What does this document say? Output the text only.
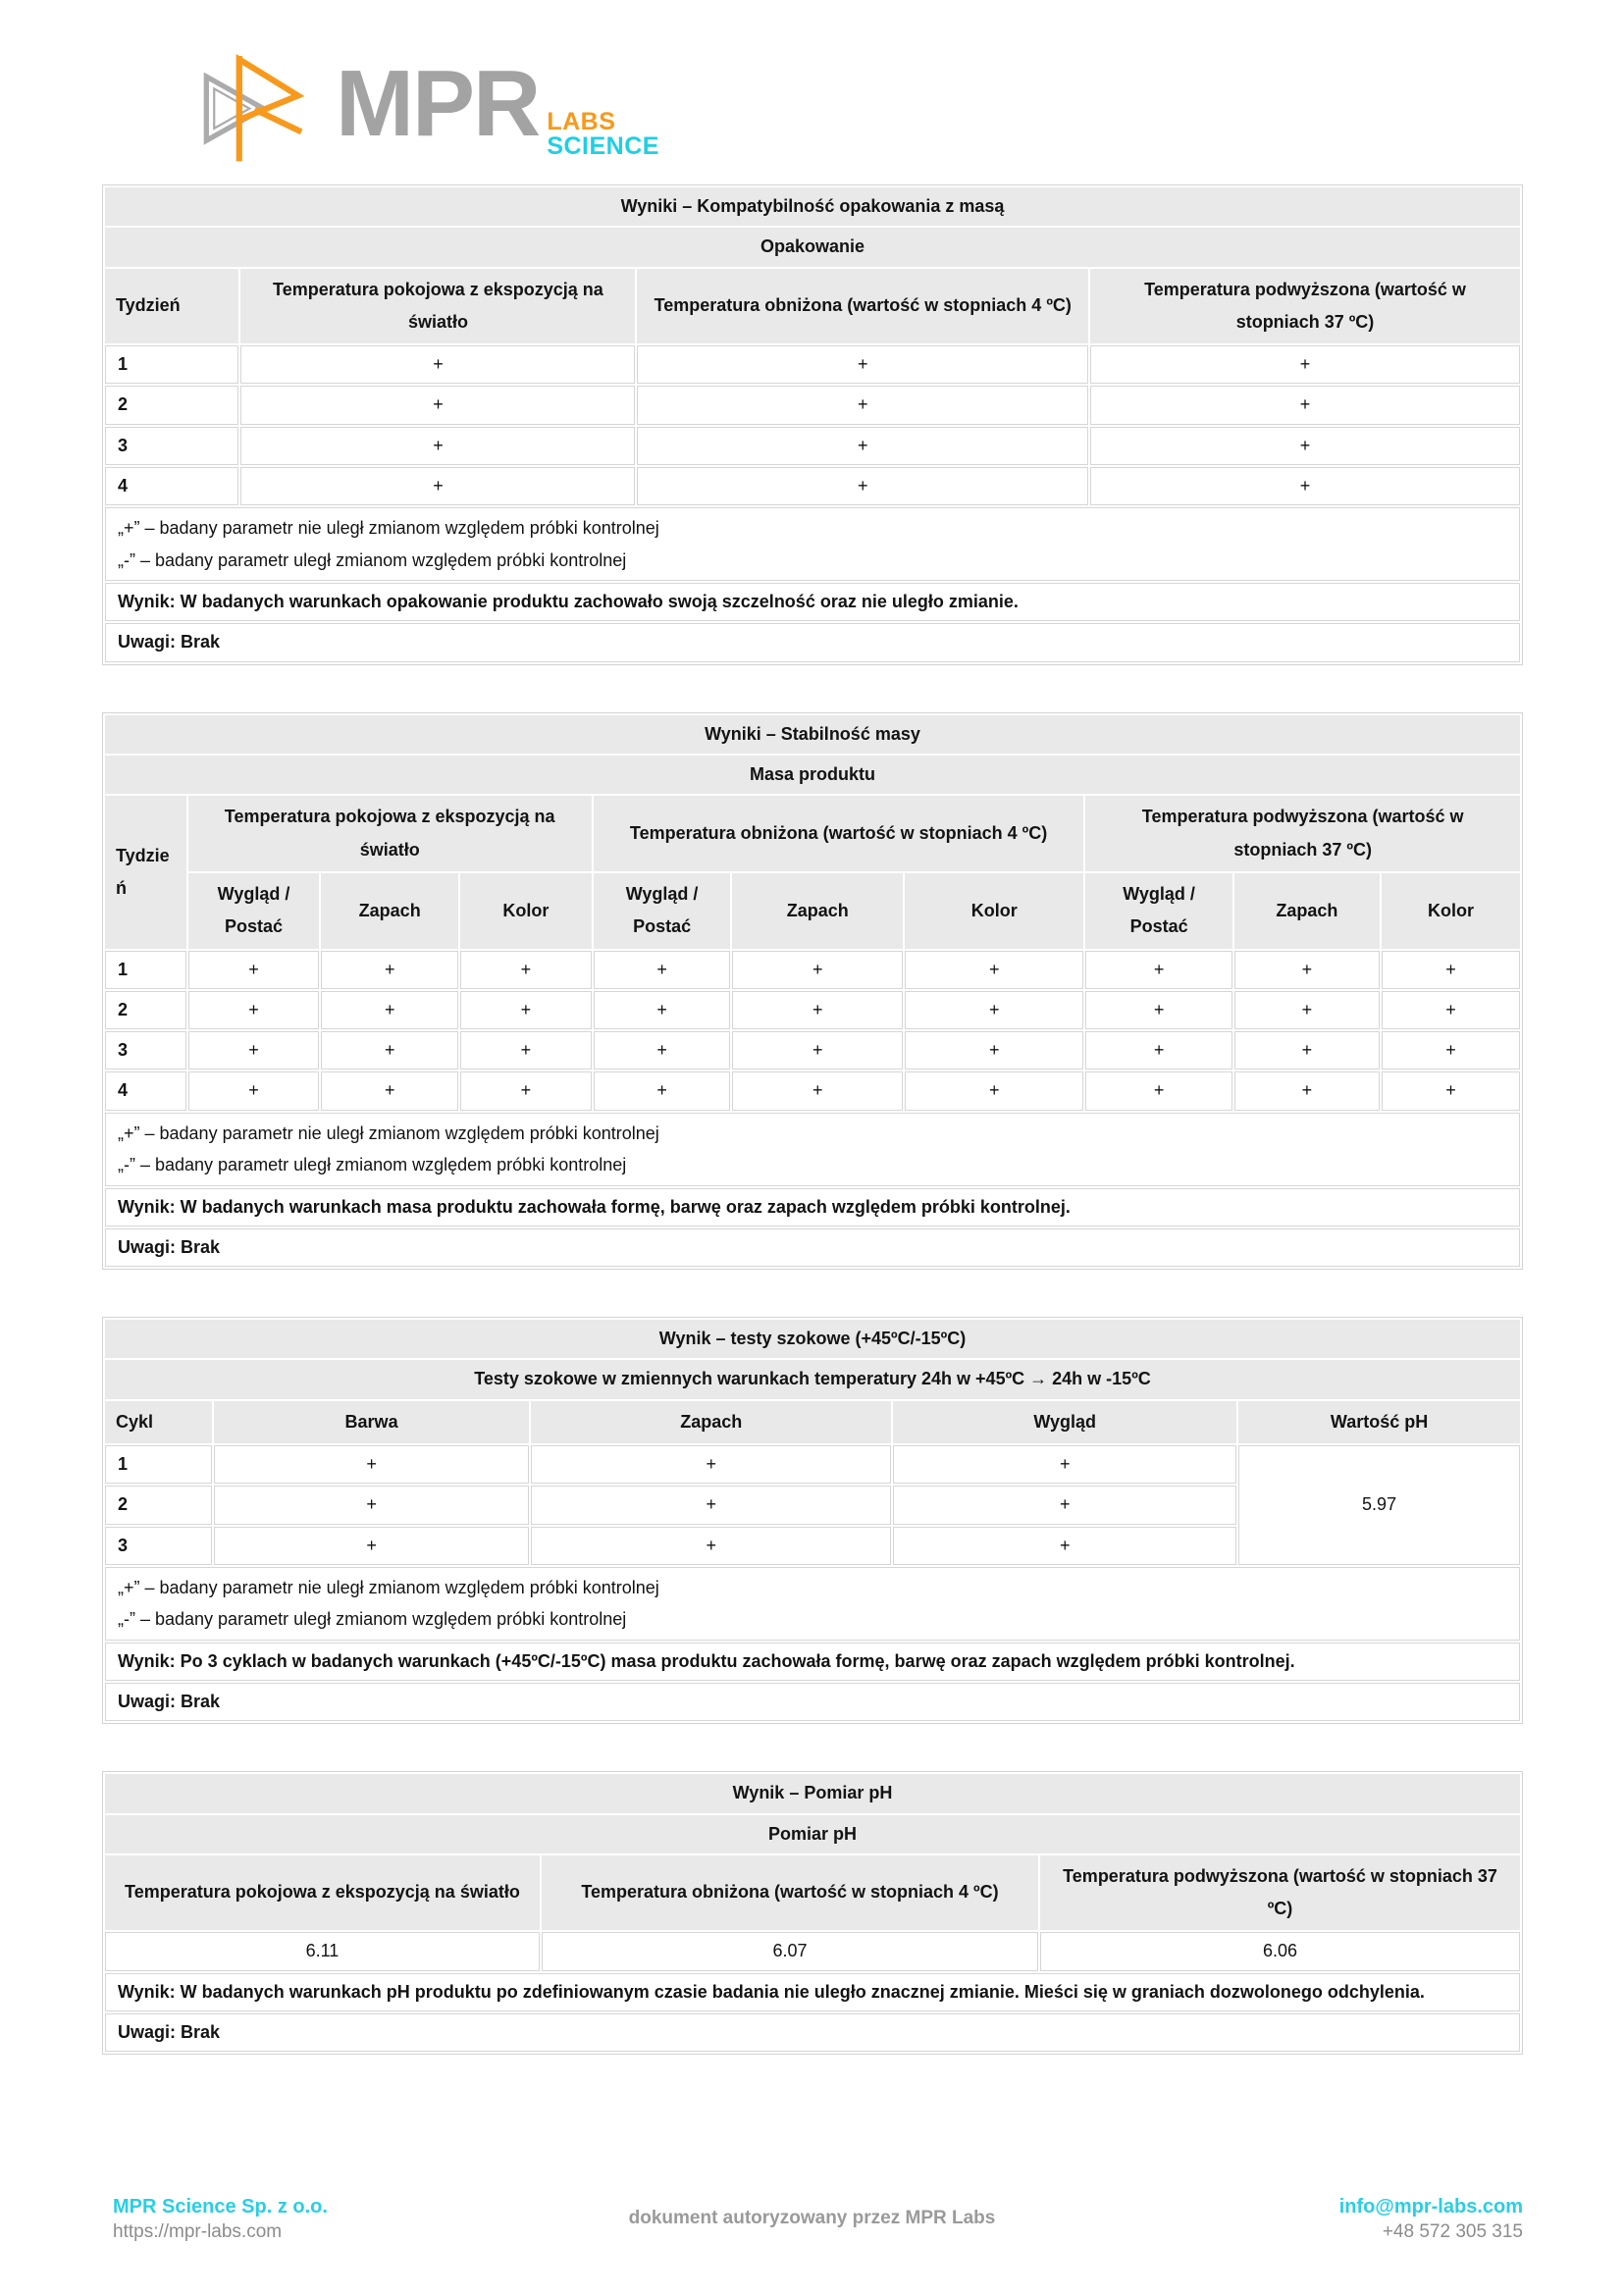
MPR LABS
SCIENCE
Wyniki – Kompatybilność opakowania z masą			
Opakowanie			
Tydzień	Temperatura pokojowa z ekspozycją na światło	Temperatura obniżona (wartość w stopniach 4 ºC)	Temperatura podwyższona (wartość w stopniach 37 ºC)
1	+	+	+
2	+	+	+
3	+	+	+
4	+	+	+

„+” – badany parametr nie uległ zmianom względem próbki kontrolnej
„-” – badany parametr uległ zmianom względem próbki kontrolnej			

Wynik: W badanych warunkach opakowanie produktu zachowało swoją szczelność oraz nie uległo zmianie.			
Uwagi: Brak			
Wyniki – Stabilność masy									
Masa produktu									
Tydzień	Temperatura pokojowa z ekspozycją na światło			Temperatura obniżona (wartość w stopniach 4 ºC)			Temperatura podwyższona (wartość w stopniach 37 ºC)		
	Wygląd / Postać	Zapach	Kolor	Wygląd / Postać	Zapach	Kolor	Wygląd / Postać	Zapach	Kolor
1	+	+	+	+	+	+	+	+	+
2	+	+	+	+	+	+	+	+	+
3	+	+	+	+	+	+	+	+	+
4	+	+	+	+	+	+	+	+	+

„+” – badany parametr nie uległ zmianom względem próbki kontrolnej
„-” – badany parametr uległ zmianom względem próbki kontrolnej									

Wynik: W badanych warunkach masa produktu zachowała formę, barwę oraz zapach względem próbki kontrolnej.									
Uwagi: Brak									
Wynik – testy szokowe (+45ºC/-15ºC)				
Testy szokowe w zmiennych warunkach temperatury 24h w +45ºC → 24h w -15ºC				
Cykl	Barwa	Zapach	Wygląd	Wartość pH
1	+	+	+	5.97
2	+	+	+	
3	+	+	+	

„+” – badany parametr nie uległ zmianom względem próbki kontrolnej
„-” – badany parametr uległ zmianom względem próbki kontrolnej				

Wynik: Po 3 cyklach w badanych warunkach (+45ºC/-15ºC) masa produktu zachowała formę, barwę oraz zapach względem próbki kontrolnej.				
Uwagi: Brak				
Wynik – Pomiar pH		
Pomiar pH		
Temperatura pokojowa z ekspozycją na światło	Temperatura obniżona (wartość w stopniach 4 ºC)	Temperatura podwyższona (wartość w stopniach 37 ºC)
6.11	6.07	6.06
Wynik: W badanych warunkach pH produktu po zdefiniowanym czasie badania nie uległo znacznej zmianie. Mieści się w graniach dozwolonego odchylenia.		
Uwagi: Brak		
MPR Science Sp. z o.o.
https://mpr-labs.com
dokument autoryzowany przez MPR Labs
info@mpr-labs.com
+48 572 305 315
